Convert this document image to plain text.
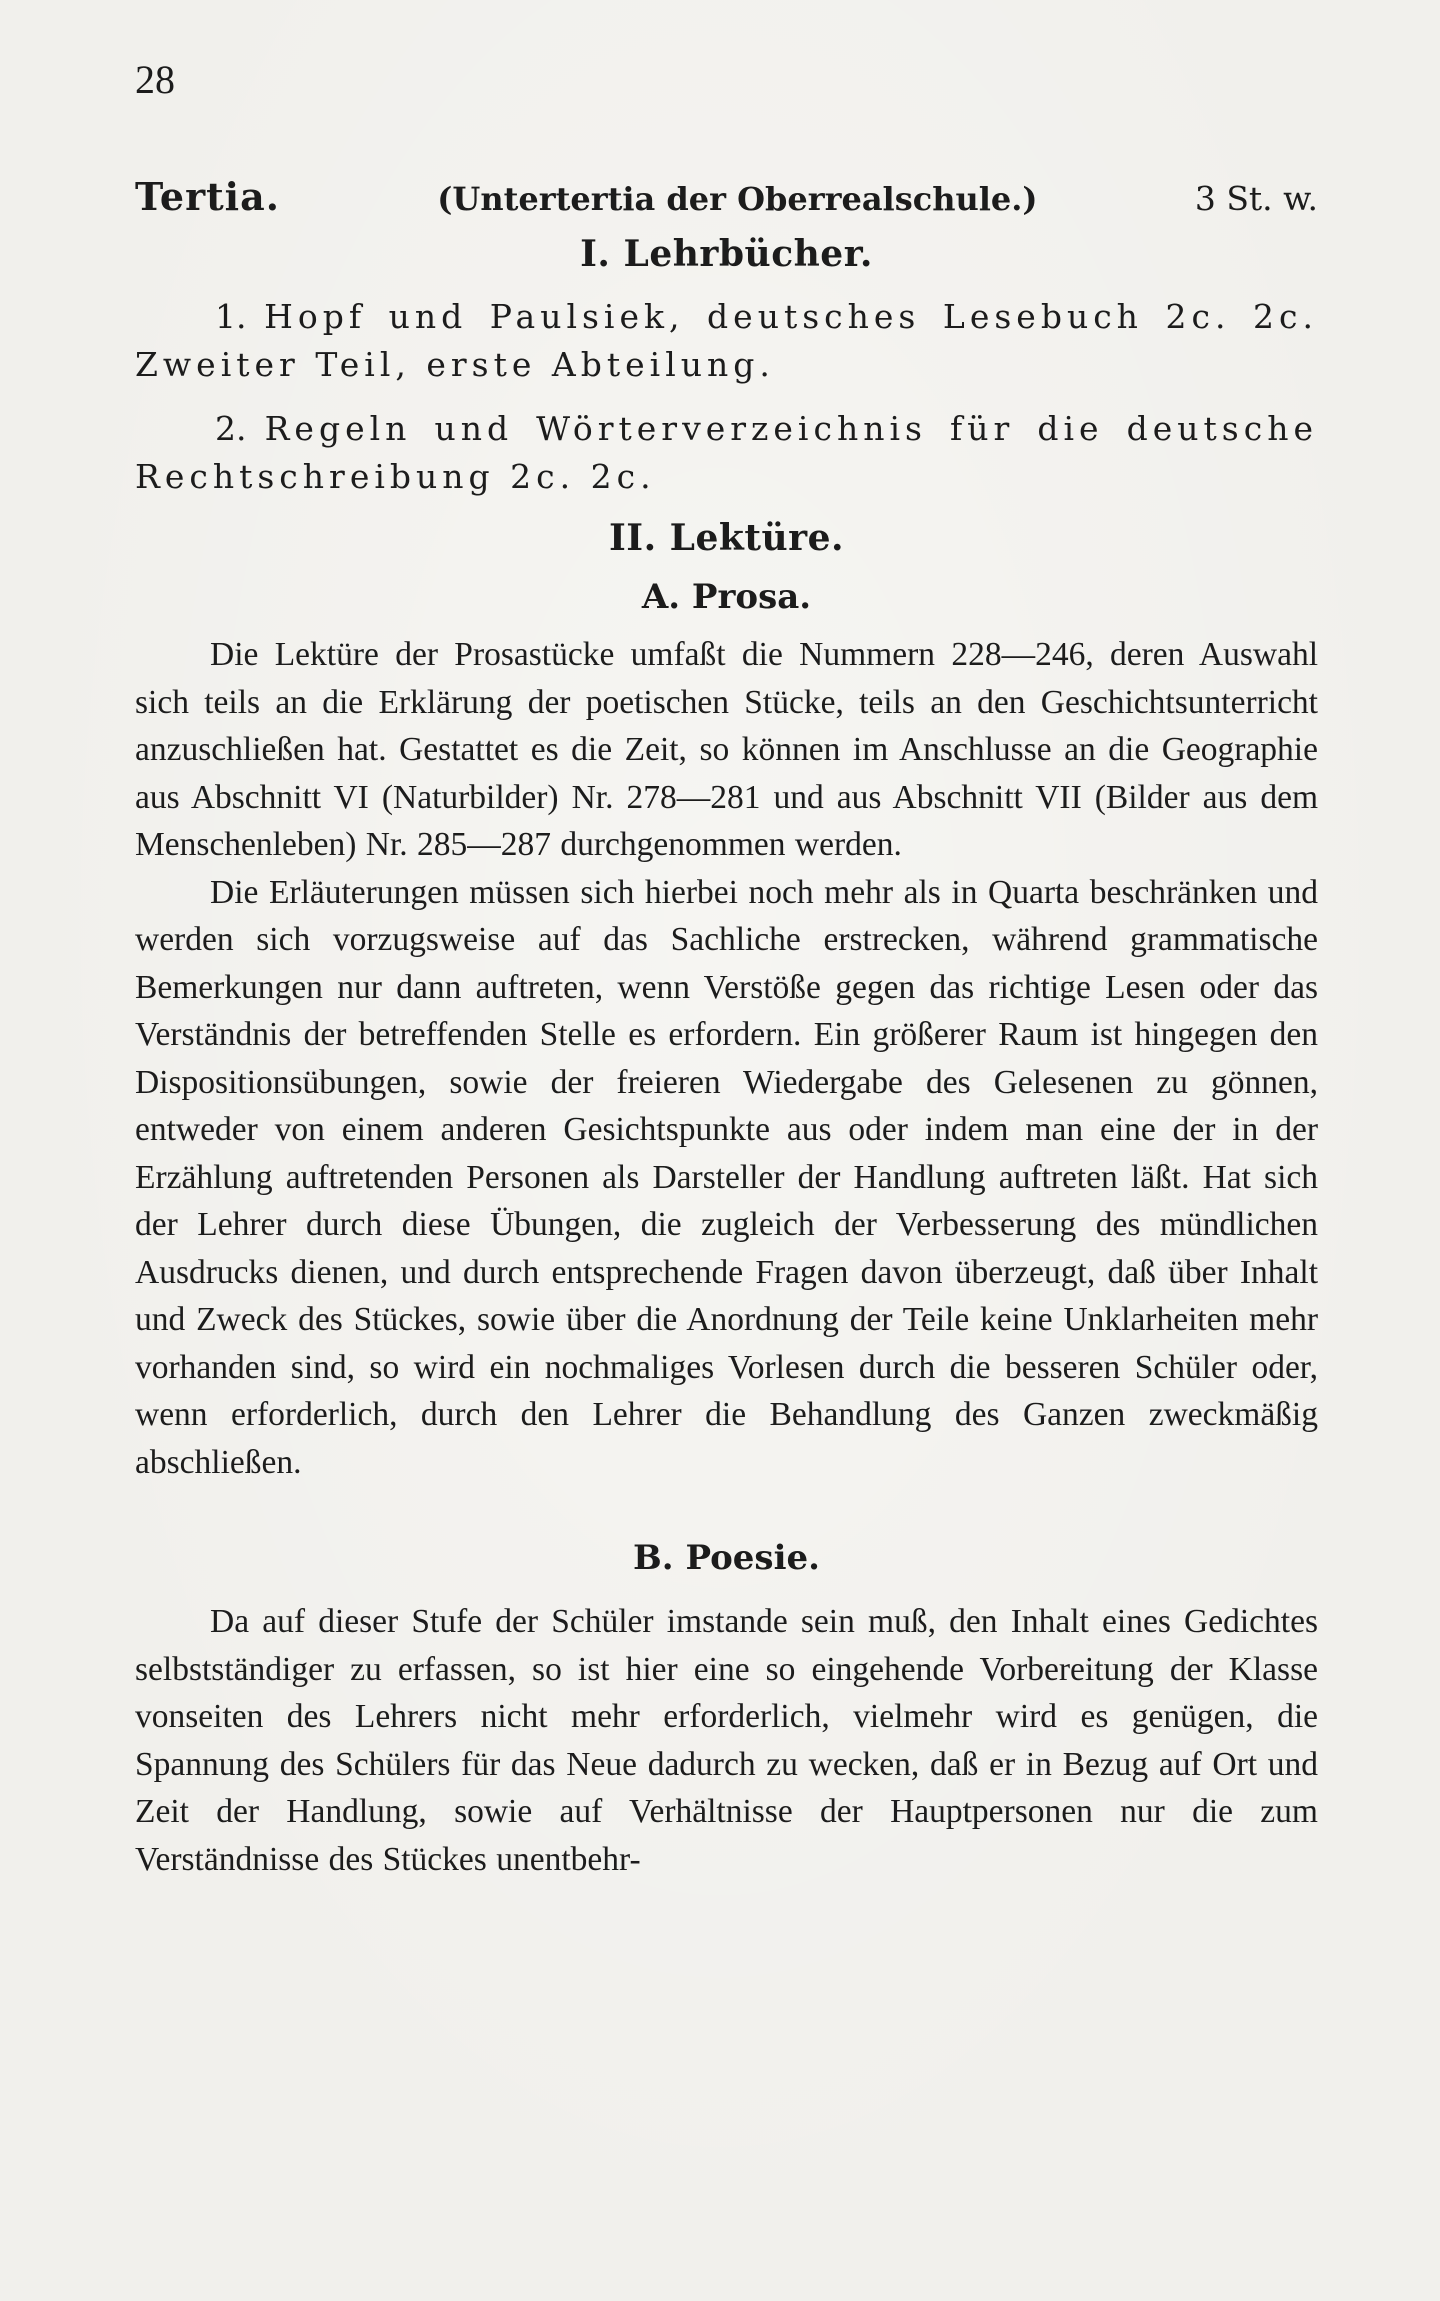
28
Tertia.	(Untertertia der Oberrealschule.)	3 St. w.
I. Lehrbücher.

1. Hopf und Paulsiek, deutsches Lesebuch 2c. 2c. Zweiter Teil, erste Abteilung.

2. Regeln und Wörterverzeichnis für die deutsche Rechtschreibung 2c. 2c.

II. Lektüre.
A. Prosa.

Die Lektüre der Prosastücke umfaßt die Nummern 228—246, deren Auswahl sich teils an die Erklärung der poetischen Stücke, teils an den Geschichtsunterricht anzuschließen hat. Gestattet es die Zeit, so können im Anschlusse an die Geographie aus Abschnitt VI (Naturbilder) Nr. 278—281 und aus Abschnitt VII (Bilder aus dem Menschenleben) Nr. 285—287 durchgenommen werden.

Die Erläuterungen müssen sich hierbei noch mehr als in Quarta beschränken und werden sich vorzugsweise auf das Sachliche erstrecken, während grammatische Bemerkungen nur dann auftreten, wenn Verstöße gegen das richtige Lesen oder das Verständnis der betreffenden Stelle es erfordern. Ein größerer Raum ist hingegen den Dispositionsübungen, sowie der freieren Wiedergabe des Gelesenen zu gönnen, entweder von einem anderen Gesichtspunkte aus oder indem man eine der in der Erzählung auftretenden Personen als Darsteller der Handlung auftreten läßt. Hat sich der Lehrer durch diese Übungen, die zugleich der Verbesserung des mündlichen Ausdrucks dienen, und durch entsprechende Fragen davon überzeugt, daß über Inhalt und Zweck des Stückes, sowie über die Anordnung der Teile keine Unklarheiten mehr vorhanden sind, so wird ein nochmaliges Vorlesen durch die besseren Schüler oder, wenn erforderlich, durch den Lehrer die Behandlung des Ganzen zweckmäßig abschließen.

B. Poesie.

Da auf dieser Stufe der Schüler imstande sein muß, den Inhalt eines Gedichtes selbstständiger zu erfassen, so ist hier eine so eingehende Vorbereitung der Klasse vonseiten des Lehrers nicht mehr erforderlich, vielmehr wird es genügen, die Spannung des Schülers für das Neue dadurch zu wecken, daß er in Bezug auf Ort und Zeit der Handlung, sowie auf Verhältnisse der Hauptpersonen nur die zum Verständnisse des Stückes unentbehr-
